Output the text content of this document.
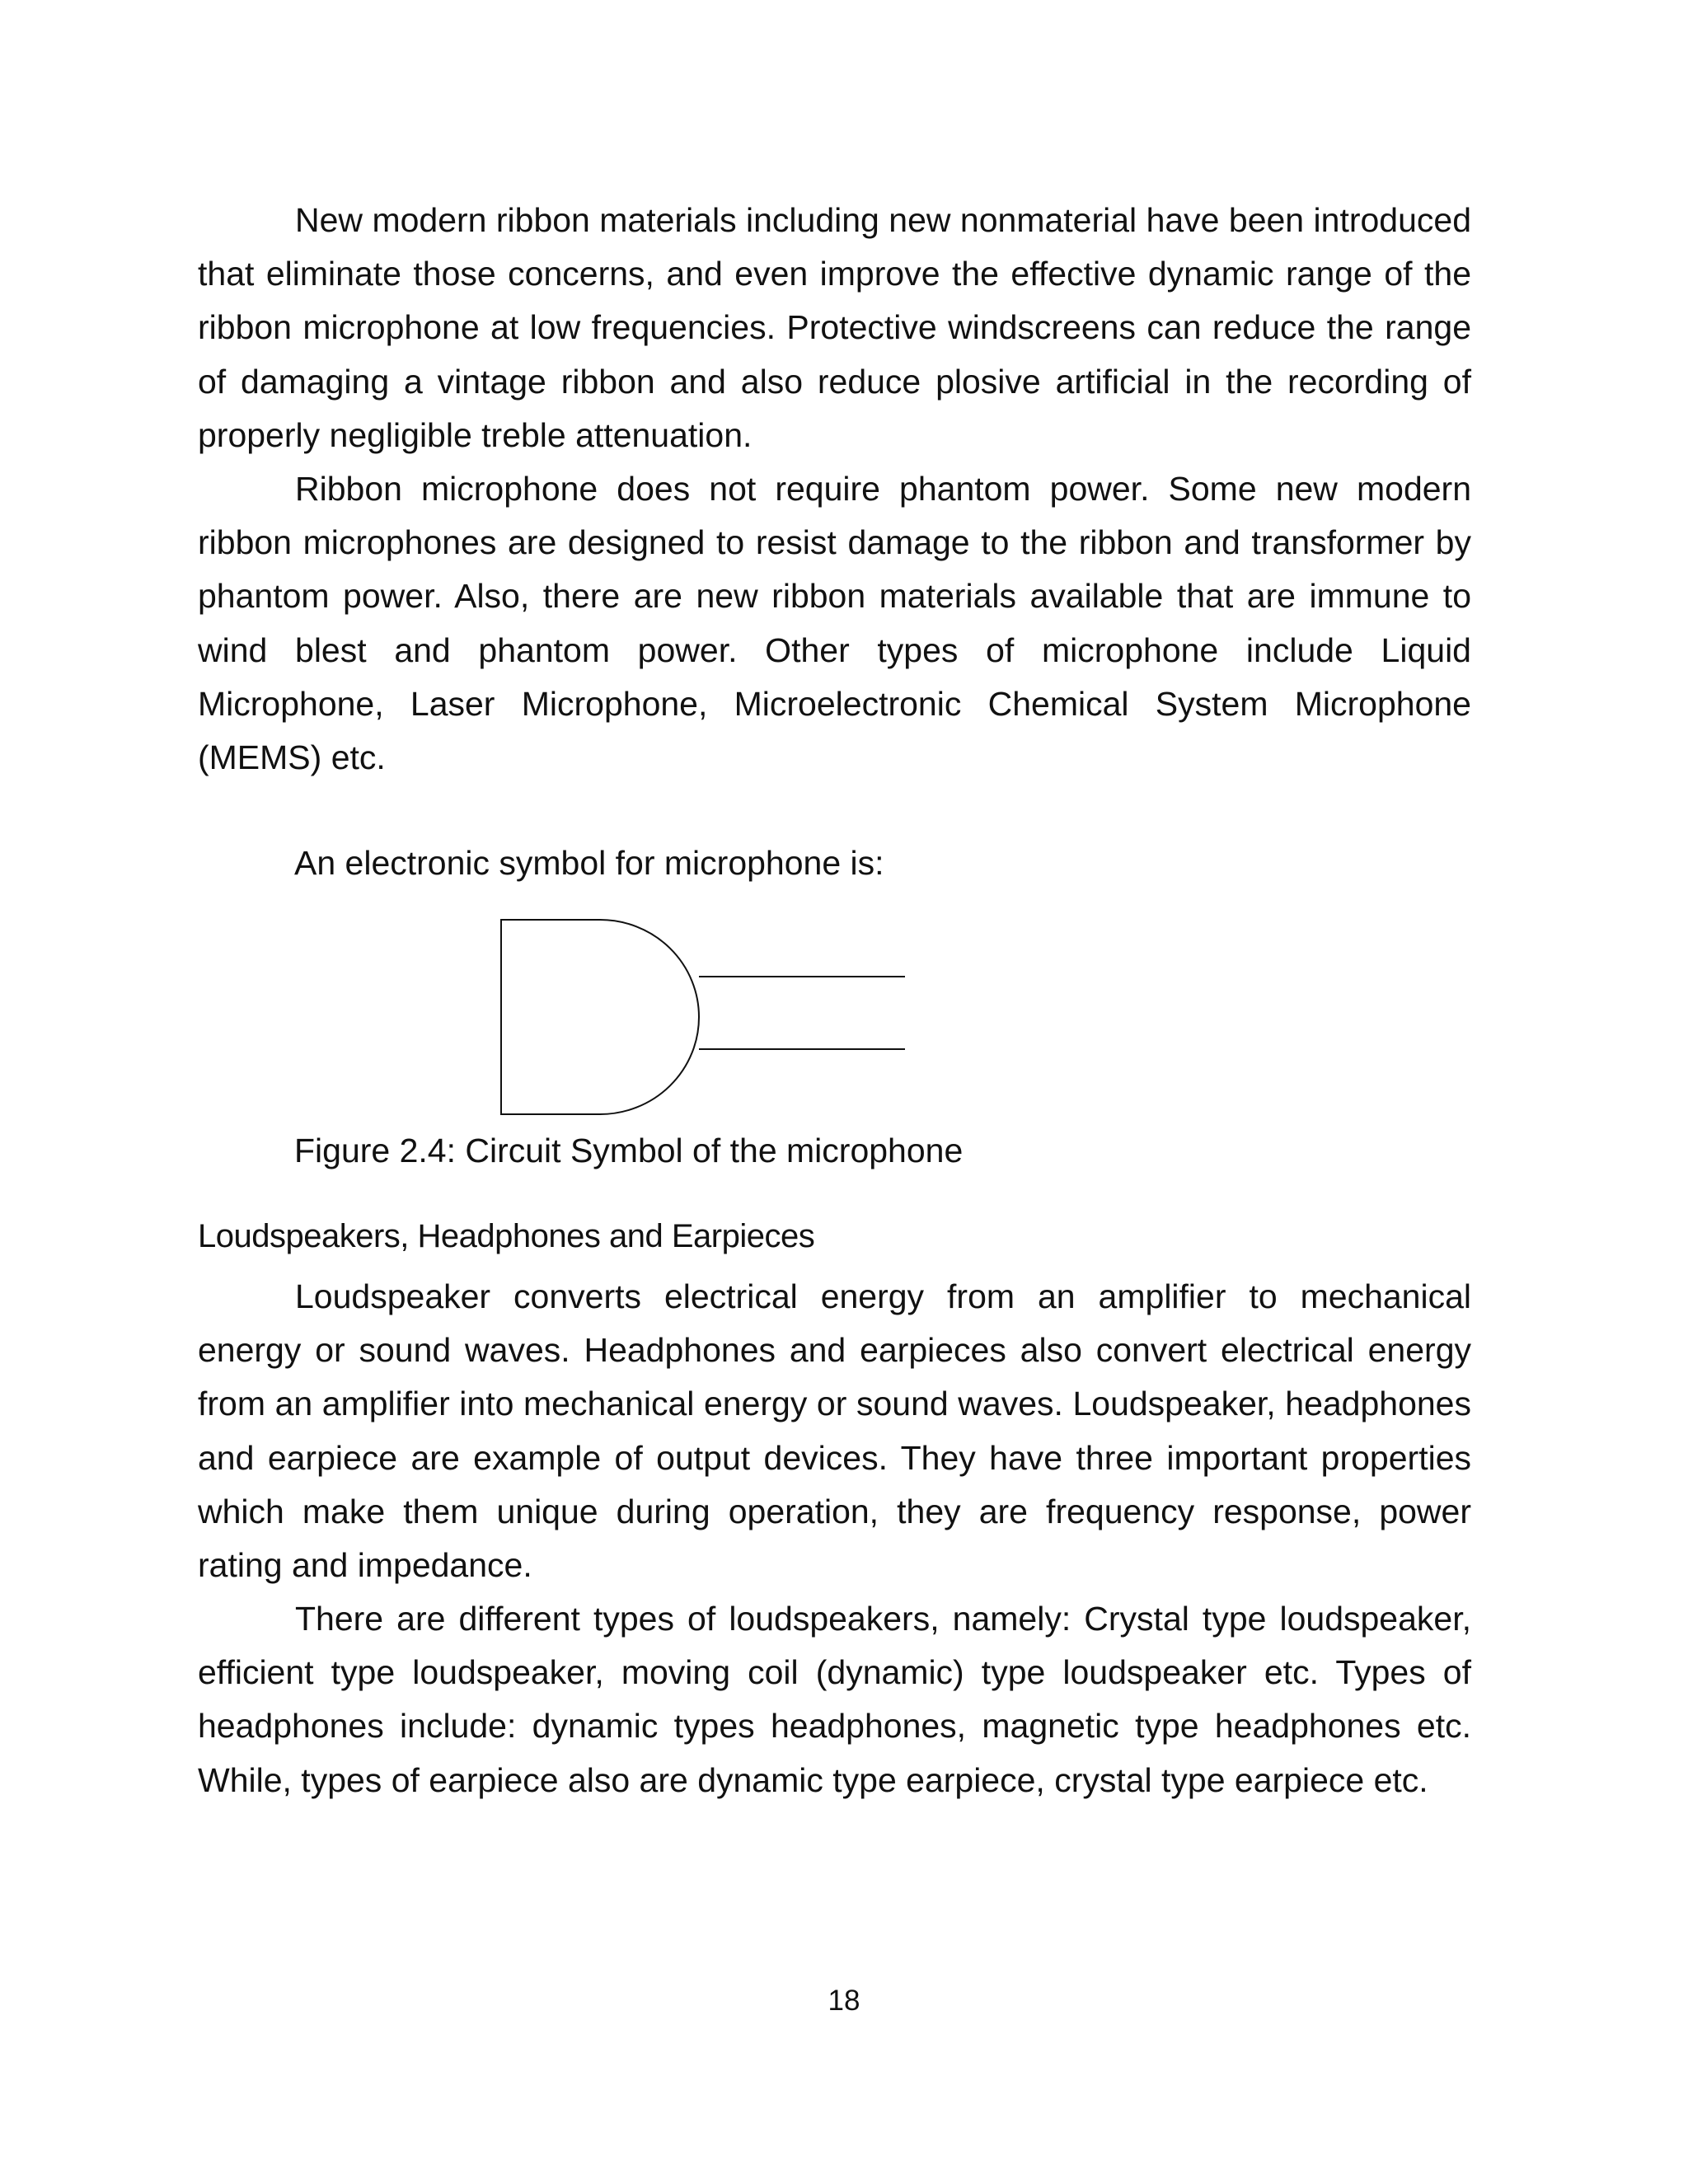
New modern ribbon materials including new nonmaterial have been introduced that eliminate those concerns, and even improve the effective dynamic range of the ribbon microphone at low frequencies. Protective windscreens can reduce the range of damaging a vintage ribbon and also reduce plosive artificial in the recording of properly negligible treble attenuation.

Ribbon microphone does not require phantom power. Some new modern ribbon microphones are designed to resist damage to the ribbon and transformer by phantom power. Also, there are new ribbon materials available that are immune to wind blest and phantom power. Other types of microphone include Liquid Microphone, Laser Microphone, Microelectronic Chemical System Microphone (MEMS) etc.

An electronic symbol for microphone is:

Figure 2.4: Circuit Symbol of the microphone

Loudspeakers, Headphones and Earpieces

Loudspeaker converts electrical energy from an amplifier to mechanical energy or sound waves. Headphones and earpieces also convert electrical energy from an amplifier into mechanical energy or sound waves. Loudspeaker, headphones and earpiece are example of output devices. They have three important properties which make them unique during operation, they are frequency response, power rating and impedance.

There are different types of loudspeakers, namely: Crystal type loudspeaker, efficient type loudspeaker, moving coil (dynamic) type loudspeaker etc. Types of headphones include: dynamic types headphones, magnetic type headphones etc. While, types of earpiece also are dynamic type earpiece, crystal type earpiece etc.

18
